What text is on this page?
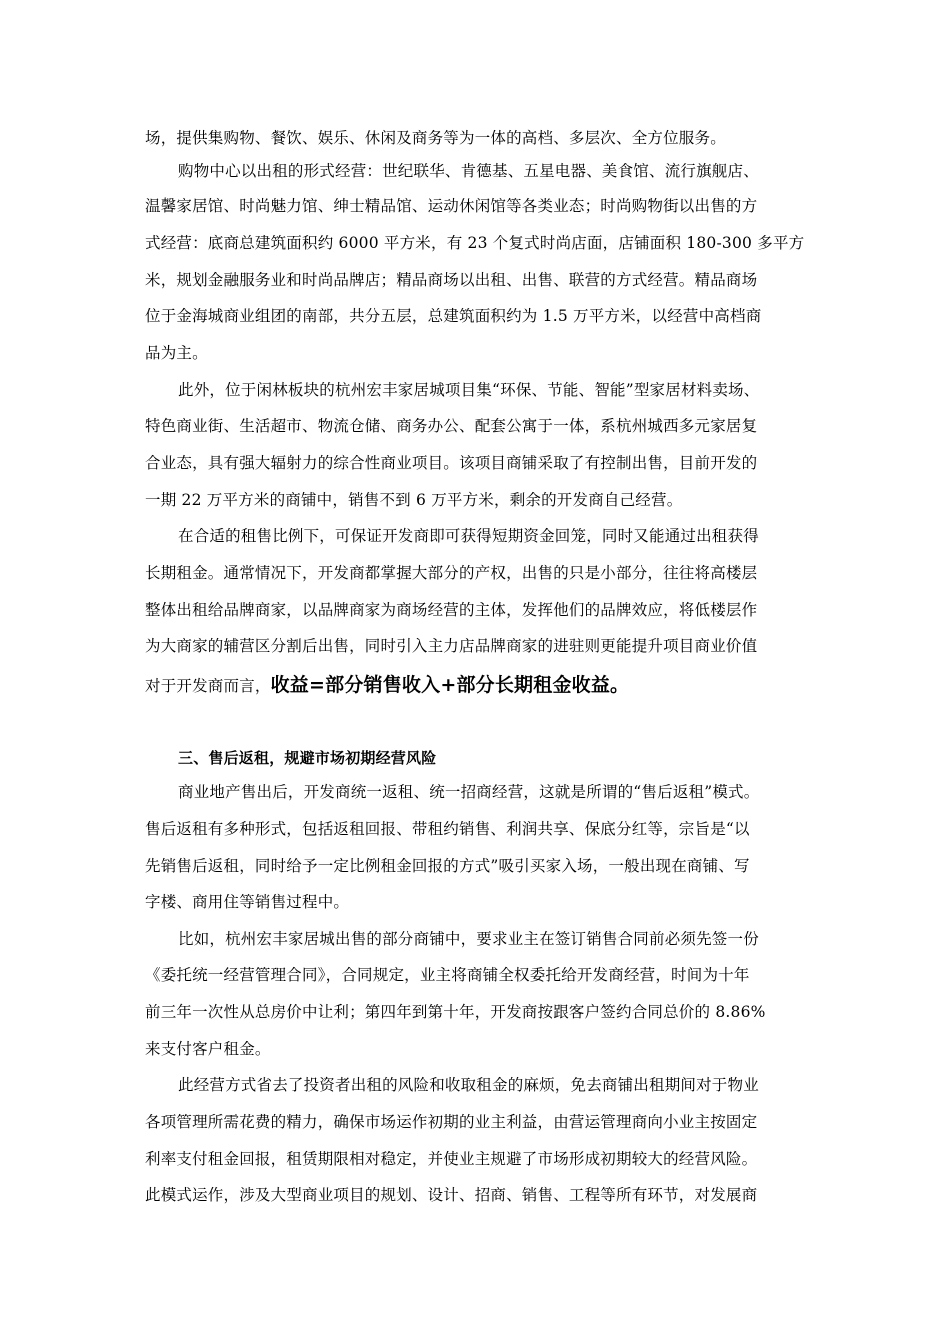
场，提供集购物、餐饮、娱乐、休闲及商务等为一体的高档、多层次、全方位服务。
购物中心以出租的形式经营：世纪联华、肯德基、五星电器、美食馆、流行旗舰店、
温馨家居馆、时尚魅力馆、绅士精品馆、运动休闲馆等各类业态；时尚购物街以出售的方
式经营：底商总建筑面积约 6000 平方米，有 23 个复式时尚店面，店铺面积 180-300 多平方
米，规划金融服务业和时尚品牌店；精品商场以出租、出售、联营的方式经营。精品商场
位于金海城商业组团的南部，共分五层，总建筑面积约为 1.5 万平方米，以经营中高档商
品为主。
此外，位于闲林板块的杭州宏丰家居城项目集“环保、节能、智能”型家居材料卖场、
特色商业街、生活超市、物流仓储、商务办公、配套公寓于一体，系杭州城西多元家居复
合业态，具有强大辐射力的综合性商业项目。该项目商铺采取了有控制出售，目前开发的
一期 22 万平方米的商铺中，销售不到 6 万平方米，剩余的开发商自己经营。
在合适的租售比例下，可保证开发商即可获得短期资金回笼，同时又能通过出租获得
长期租金。通常情况下，开发商都掌握大部分的产权，出售的只是小部分，往往将高楼层
整体出租给品牌商家，以品牌商家为商场经营的主体，发挥他们的品牌效应，将低楼层作
为大商家的辅营区分割后出售，同时引入主力店品牌商家的进驻则更能提升项目商业价值
对于开发商而言，收益=部分销售收入+部分长期租金收益。
三、售后返租，规避市场初期经营风险
商业地产售出后，开发商统一返租、统一招商经营，这就是所谓的“售后返租”模式。
售后返租有多种形式，包括返租回报、带租约销售、利润共享、保底分红等，宗旨是“以
先销售后返租，同时给予一定比例租金回报的方式”吸引买家入场，一般出现在商铺、写
字楼、商用住等销售过程中。
比如，杭州宏丰家居城出售的部分商铺中，要求业主在签订销售合同前必须先签一份
《委托统一经营管理合同》，合同规定，业主将商铺全权委托给开发商经营，时间为十年
前三年一次性从总房价中让利；第四年到第十年，开发商按跟客户签约合同总价的 8.86%
来支付客户租金。
此经营方式省去了投资者出租的风险和收取租金的麻烦，免去商铺出租期间对于物业
各项管理所需花费的精力，确保市场运作初期的业主利益，由营运管理商向小业主按固定
利率支付租金回报，租赁期限相对稳定，并使业主规避了市场形成初期较大的经营风险。
此模式运作，涉及大型商业项目的规划、设计、招商、销售、工程等所有环节，对发展商
